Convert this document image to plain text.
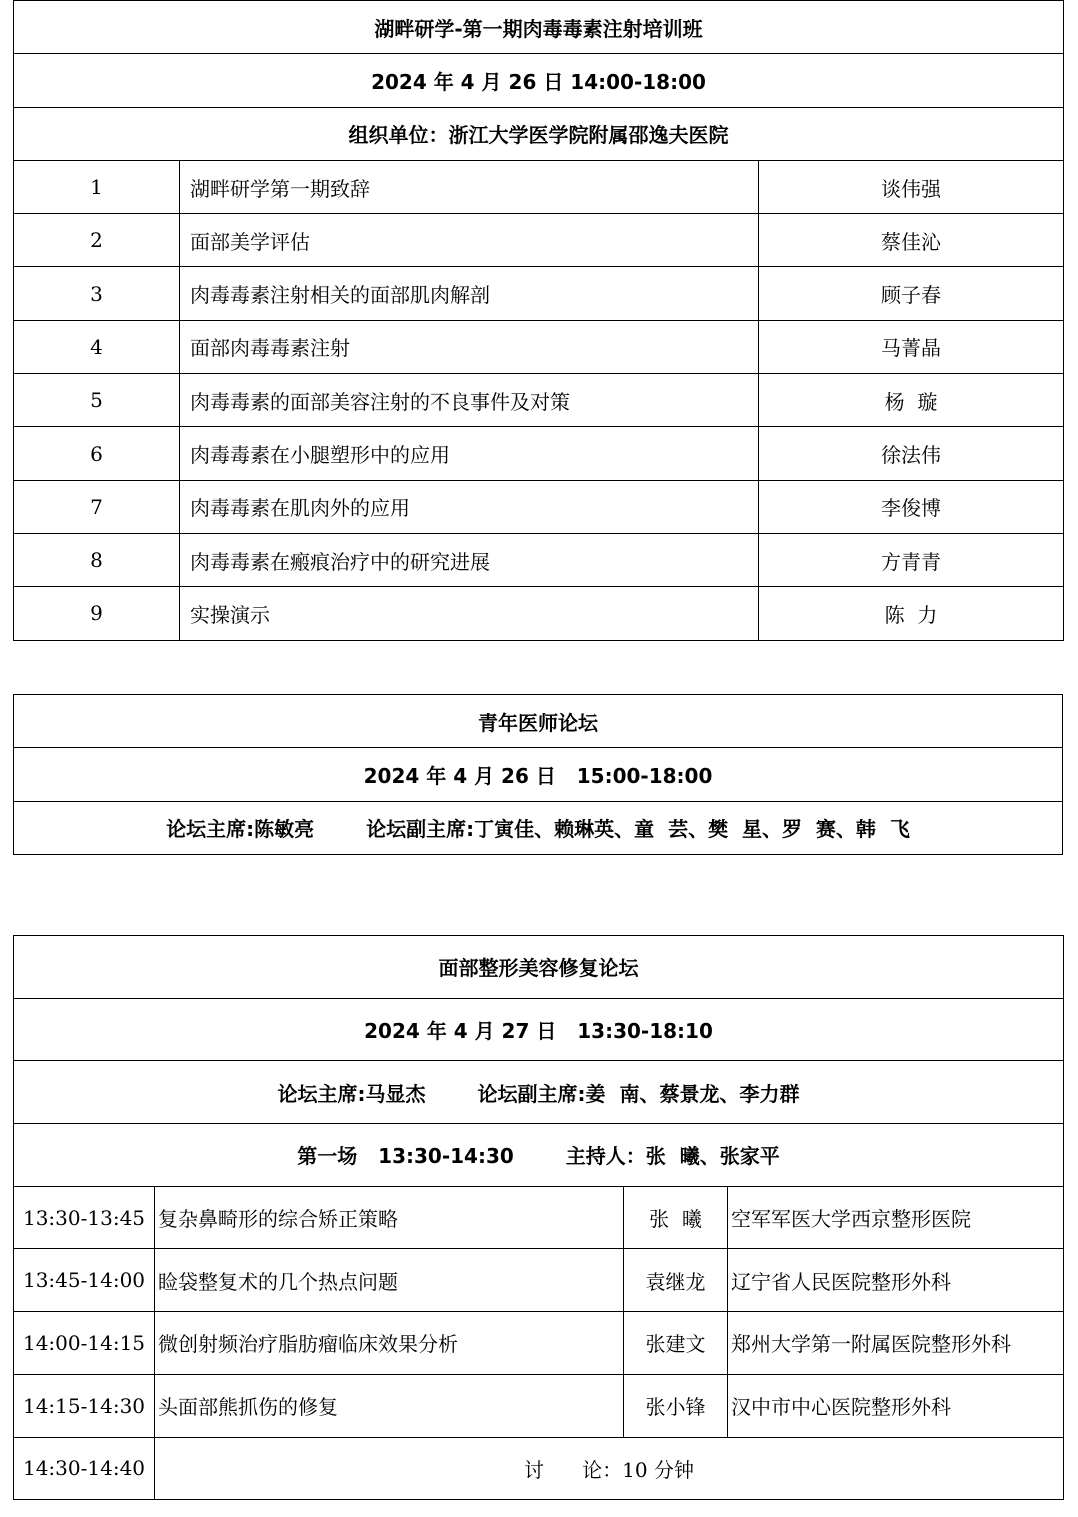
湖畔研学-第一期肉毒毒素注射培训班		
2024 年 4 月 26 日 14:00-18:00		
组织单位：浙江大学医学院附属邵逸夫医院		
1	湖畔研学第一期致辞	谈伟强
2	面部美学评估	蔡佳沁
3	肉毒毒素注射相关的面部肌肉解剖	顾子春
4	面部肉毒毒素注射	马菁晶
5	肉毒毒素的面部美容注射的不良事件及对策	杨  璇
6	肉毒毒素在小腿塑形中的应用	徐法伟
7	肉毒毒素在肌肉外的应用	李俊博
8	肉毒毒素在瘢痕治疗中的研究进展	方青青
9	实操演示	陈  力
青年医师论坛
2024 年 4 月 26 日   15:00-18:00
论坛主席:陈敏亮	论坛副主席:丁寅佳、赖琳英、童  芸、樊  星、罗  赛、韩  飞
面部整形美容修复论坛			
2024 年 4 月 27 日   13:30-18:10			
论坛主席:马显杰 论坛副主席:姜  南、蔡景龙、李力群			
第一场   13:30-14:30 主持人：张  曦、张家平			
13:30-13:45	复杂鼻畸形的综合矫正策略	张  曦	空军军医大学西京整形医院
13:45-14:00	睑袋整复术的几个热点问题	袁继龙	辽宁省人民医院整形外科
14:00-14:15	微创射频治疗脂肪瘤临床效果分析	张建文	郑州大学第一附属医院整形外科
14:15-14:30	头面部熊抓伤的修复	张小锋	汉中市中心医院整形外科
14:30-14:40	讨      论：10 分钟		
